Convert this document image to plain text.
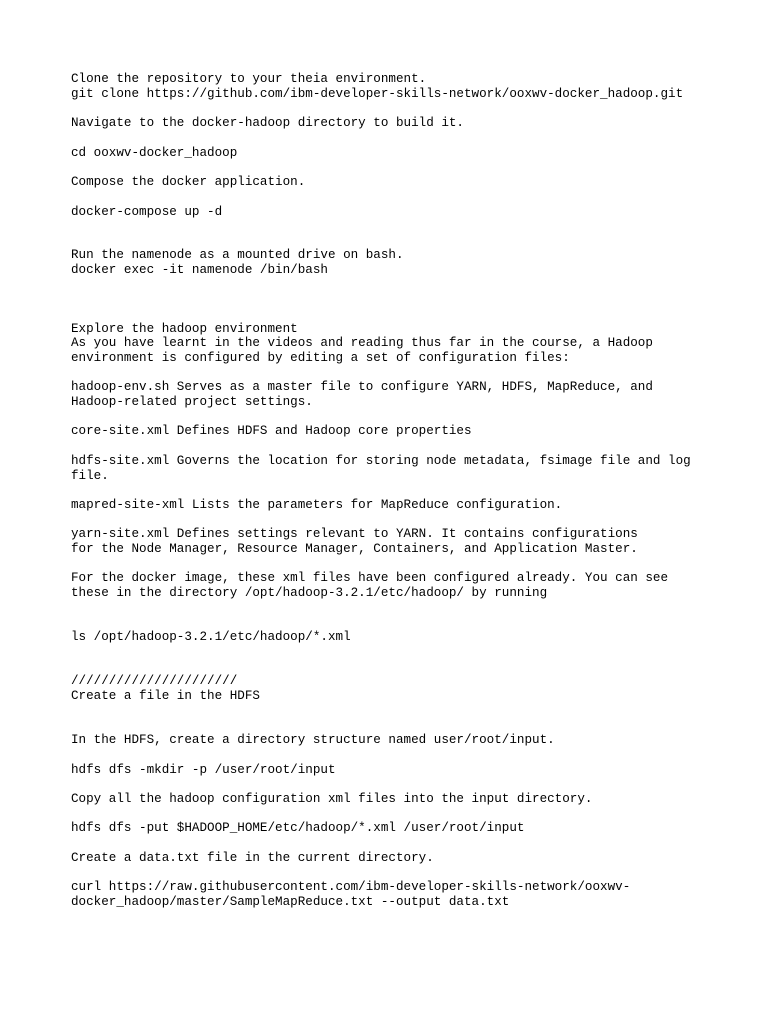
Clone the repository to your theia environment.

git clone https://github.com/ibm-developer-skills-network/ooxwv-docker_hadoop.git

Navigate to the docker-hadoop directory to build it.

cd ooxwv-docker_hadoop

Compose the docker application.

docker-compose up -d

Run the namenode as a mounted drive on bash.

docker exec -it namenode /bin/bash

Explore the hadoop environment

As you have learnt in the videos and reading thus far in the course, a Hadoop

environment is configured by editing a set of configuration files:

hadoop-env.sh Serves as a master file to configure YARN, HDFS, MapReduce, and

Hadoop-related project settings.

core-site.xml Defines HDFS and Hadoop core properties

hdfs-site.xml Governs the location for storing node metadata, fsimage file and log

file.

mapred-site-xml Lists the parameters for MapReduce configuration.

yarn-site.xml Defines settings relevant to YARN. It contains configurations

for the Node Manager, Resource Manager, Containers, and Application Master.

For the docker image, these xml files have been configured already. You can see

these in the directory /opt/hadoop-3.2.1/etc/hadoop/ by running

ls /opt/hadoop-3.2.1/etc/hadoop/*.xml

//////////////////////

Create a file in the HDFS

In the HDFS, create a directory structure named user/root/input.

hdfs dfs -mkdir -p /user/root/input

Copy all the hadoop configuration xml files into the input directory.

hdfs dfs -put $HADOOP_HOME/etc/hadoop/*.xml /user/root/input

Create a data.txt file in the current directory.

curl https://raw.githubusercontent.com/ibm-developer-skills-network/ooxwv-

docker_hadoop/master/SampleMapReduce.txt --output data.txt
